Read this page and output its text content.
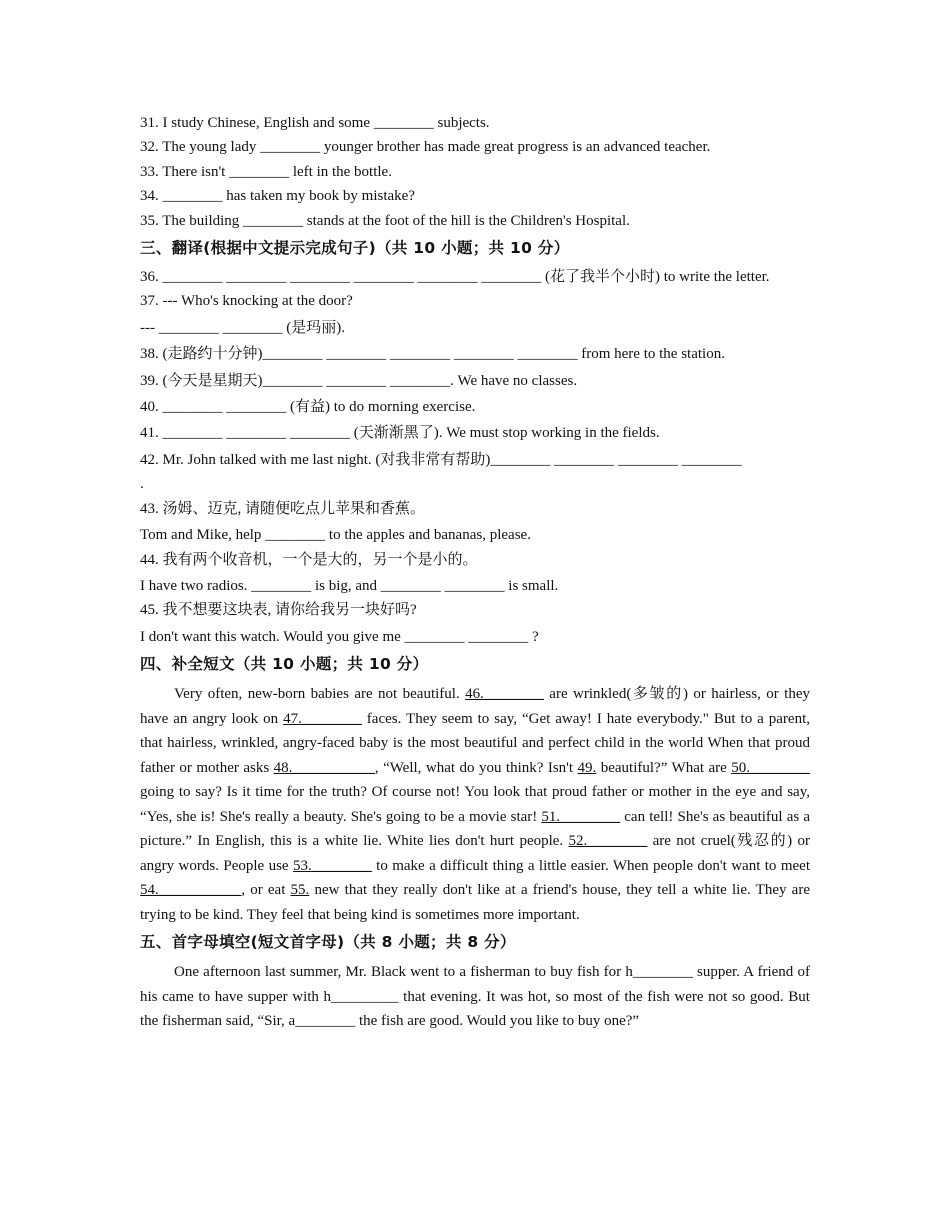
31. I study Chinese, English and some ________ subjects.
32. The young lady ________ younger brother has made great progress is an advanced teacher.
33. There isn't ________ left in the bottle.
34. ________ has taken my book by mistake?
35. The building ________ stands at the foot of the hill is the Children's Hospital.
三、翻译(根据中文提示完成句子)（共 10 小题；共 10 分）
36. ________ ________ ________ ________ ________ ________ (花了我半个小时) to write the letter.
37. --- Who's knocking at the door?
--- ________ ________ (是玛丽).
38. (走路约十分钟)________ ________ ________ ________ ________ from here to the station.
39. (今天是星期天)________ ________ ________. We have no classes.
40. ________ ________ (有益) to do morning exercise.
41. ________ ________ ________ (天渐渐黑了). We must stop working in the fields.
42. Mr. John talked with me last night. (对我非常有帮助)________ ________ ________ ________
.
43. 汤姆、迈克, 请随便吃点儿苹果和香蕉。
Tom and Mike, help ________ to the apples and bananas, please.
44. 我有两个收音机，一个是大的，另一个是小的。
I have two radios. ________ is big, and ________ ________ is small.
45. 我不想要这块表, 请你给我另一块好吗?
I don't want this watch. Would you give me ________ ________ ?
四、补全短文（共 10 小题；共 10 分）
Very often, new-born babies are not beautiful. 46.________ are wrinkled(多皱的) or hairless, or they have an angry look on 47.________ faces. They seem to say, “Get away! I hate everybody." But to a parent, that hairless, wrinkled, angry-faced baby is the most beautiful and perfect child in the world When that proud father or mother asks 48.___________, “Well, what do you think? Isn't 49. beautiful?” What are 50.________ going to say? Is it time for the truth? Of course not! You look that proud father or mother in the eye and say, “Yes, she is! She's really a beauty. She's going to be a movie star! 51.________ can tell! She's as beautiful as a picture.” In English, this is a white lie. White lies don't hurt people. 52.________ are not cruel(残忍的) or angry words. People use 53.________ to make a difficult thing a little easier. When people don't want to meet 54.___________, or eat 55. new that they really don't like at a friend's house, they tell a white lie. They are trying to be kind. They feel that being kind is sometimes more important.
五、首字母填空(短文首字母)（共 8 小题；共 8 分）
One afternoon last summer, Mr. Black went to a fisherman to buy fish for h________ supper. A friend of his came to have supper with h_________ that evening. It was hot, so most of the fish were not so good. But the fisherman said, “Sir, a________ the fish are good. Would you like to buy one?”
